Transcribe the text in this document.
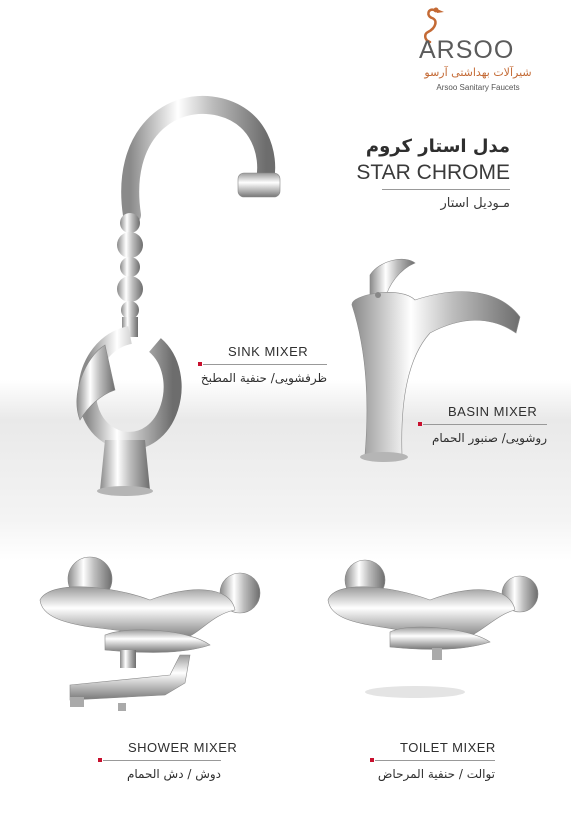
ARSOO
شیرآلات بهداشتی آرسو
Arsoo Sanitary Faucets
مدل استار کروم
STAR CHROME
مـودیل استار
SINK MIXER
ظرفشویی/ حنفیة المطبخ
BASIN MIXER
روشویی/ صنبور الحمام
SHOWER MIXER
دوش / دش الحمام
TOILET MIXER
توالت / حنفية المرحاض
